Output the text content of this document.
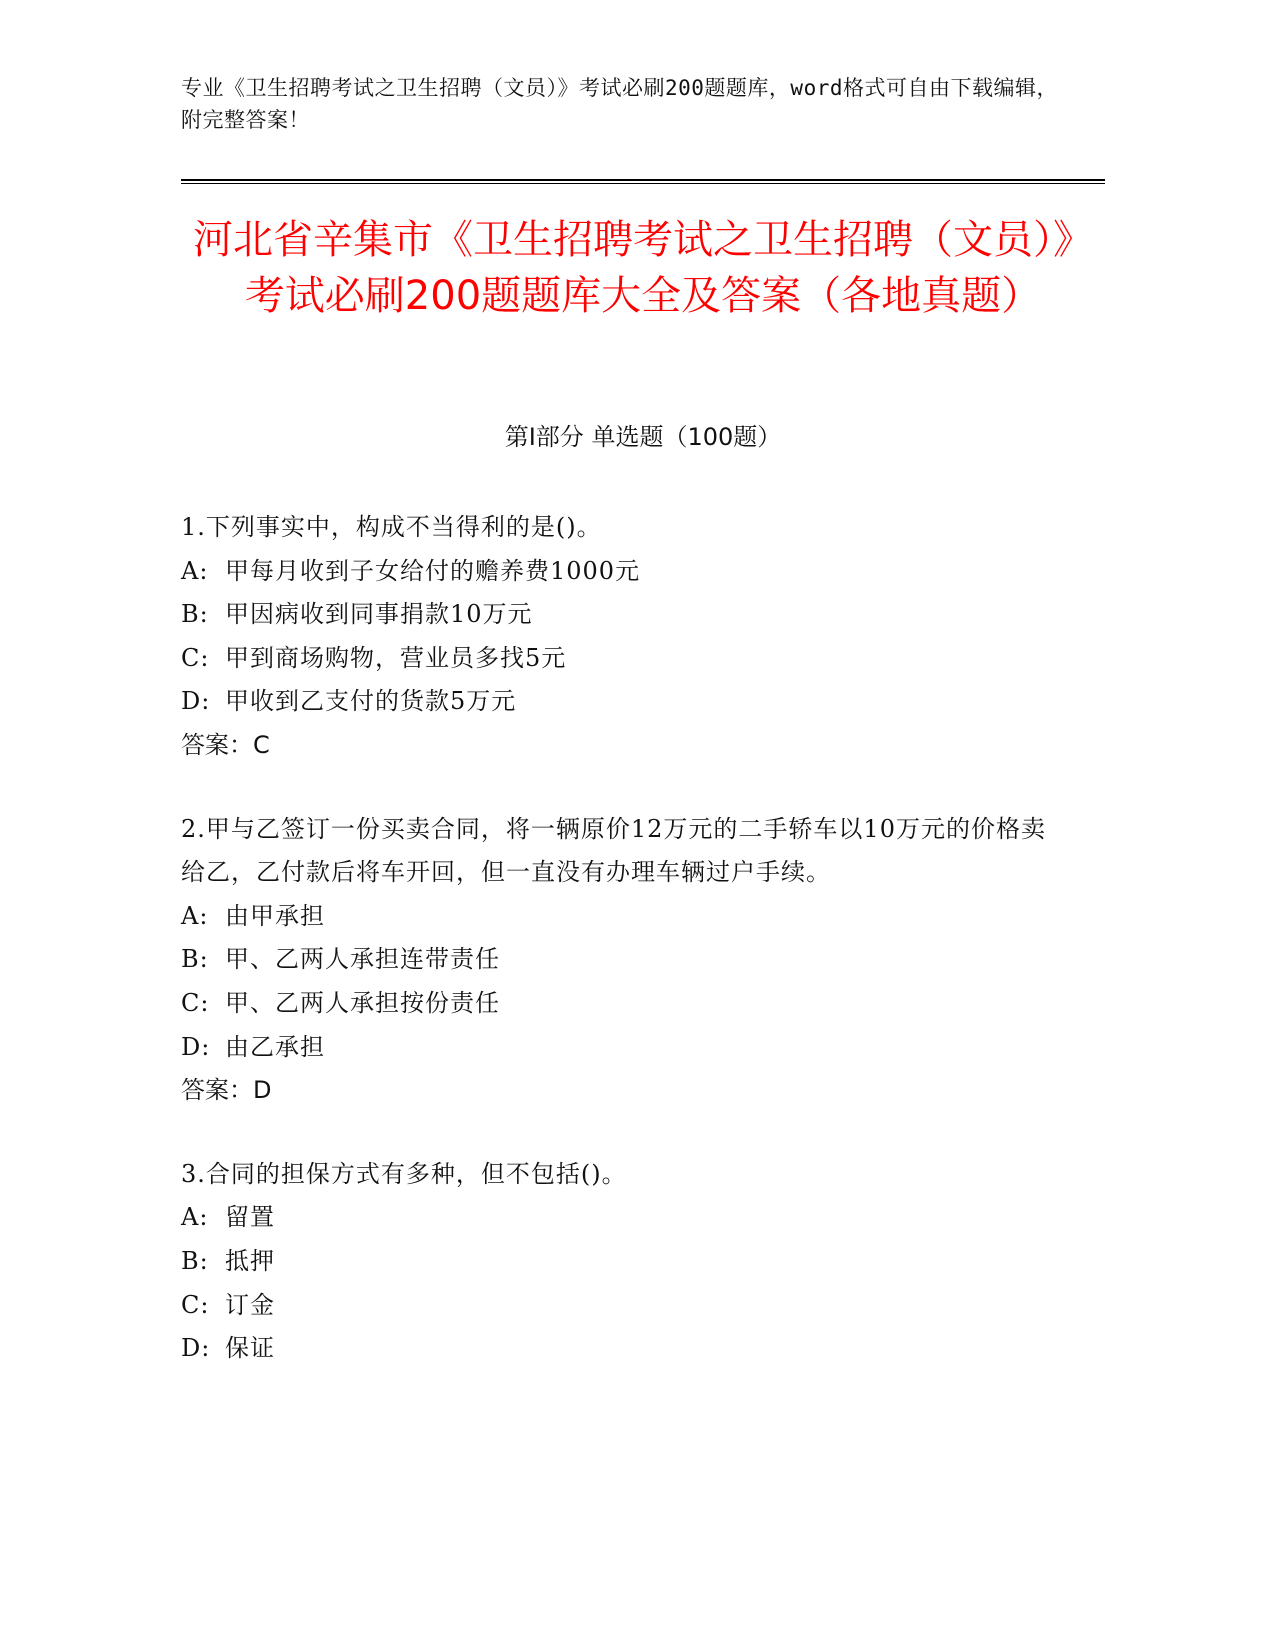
专业《卫生招聘考试之卫生招聘（文员）》考试必刷200题题库，word格式可自由下载编辑，附完整答案！
河北省辛集市《卫生招聘考试之卫生招聘（文员）》考试必刷200题题库大全及答案（各地真题）
第Ⅰ部分 单选题（100题）
1.下列事实中，构成不当得利的是()。
A: 甲每月收到子女给付的赡养费1000元
B: 甲因病收到同事捐款10万元
C: 甲到商场购物，营业员多找5元
D: 甲收到乙支付的货款5万元
答案：C
2.甲与乙签订一份买卖合同，将一辆原价12万元的二手轿车以10万元的价格卖给乙，乙付款后将车开回，但一直没有办理车辆过户手续。
A: 由甲承担
B: 甲、乙两人承担连带责任
C: 甲、乙两人承担按份责任
D: 由乙承担
答案：D
3.合同的担保方式有多种，但不包括()。
A: 留置
B: 抵押
C: 订金
D: 保证
